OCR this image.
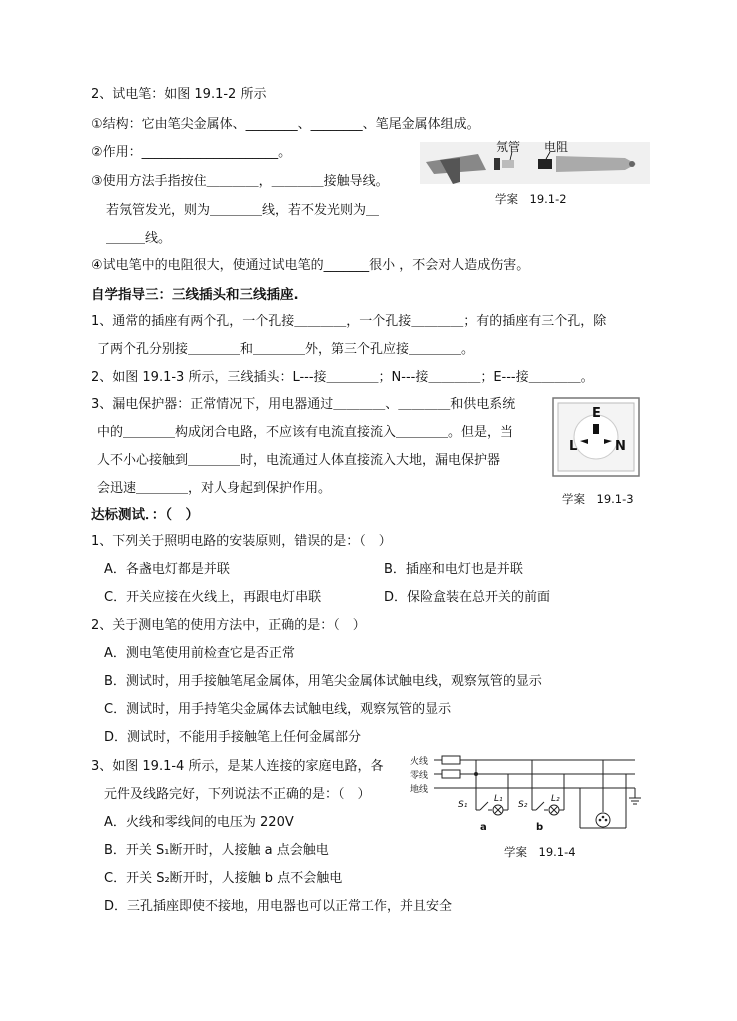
2、试电笔：如图 19.1-2 所示
①结构：它由笔尖金属体、________、________、笔尾金属体组成。
②作用：_____________________。
③使用方法手指按住＿＿＿＿，＿＿＿＿接触导线。
若氖管发光，则为＿＿＿＿线，若不发光则为＿
＿＿＿线。
④试电笔中的电阻很大，使通过试电笔的_______很小 ，不会对人造成伤害。
自学指导三：三线插头和三线插座.
1、通常的插座有两个孔，一个孔接＿＿＿＿，一个孔接＿＿＿＿；有的插座有三个孔，除
了两个孔分别接＿＿＿＿和＿＿＿＿外，第三个孔应接＿＿＿＿。
2、如图 19.1-3 所示，三线插头：L---接＿＿＿＿；N---接＿＿＿＿；E---接＿＿＿＿。
3、漏电保护器：正常情况下，用电器通过＿＿＿＿、＿＿＿＿和供电系统
中的＿＿＿＿构成闭合电路，不应该有电流直接流入＿＿＿＿。但是，当
人不小心接触到＿＿＿＿时，电流通过人体直接流入大地，漏电保护器
会迅速＿＿＿＿，对人身起到保护作用。
达标测试．：（　）
1、下列关于照明电路的安装原则，错误的是：（　）
A．各盏电灯都是并联	B．插座和电灯也是并联
C．开关应接在火线上，再跟电灯串联	D．保险盒装在总开关的前面
2、关于测电笔的使用方法中，正确的是：（　）
A．测电笔使用前检查它是否正常
B．测试时，用手接触笔尾金属体，用笔尖金属体试触电线，观察氖管的显示
C．测试时，用手持笔尖金属体去试触电线，观察氖管的显示
D．测试时，不能用手接触笔上任何金属部分
3、如图 19.1-4 所示，是某人连接的家庭电路，各
元件及线路完好，下列说法不正确的是：（　）
A．火线和零线间的电压为 220V
B．开关 S₁断开时，人接触 a 点会触电
C．开关 S₂断开时，人接触 b 点不会触电
D．三孔插座即使不接地，用电器也可以正常工作，并且安全
氖管 电阻
学案　19.1-2
E
L	N
学案　19.1-3
火线
零线
地线
S₁
L₁
S₂
L₂
a	b
学案　19.1-4
